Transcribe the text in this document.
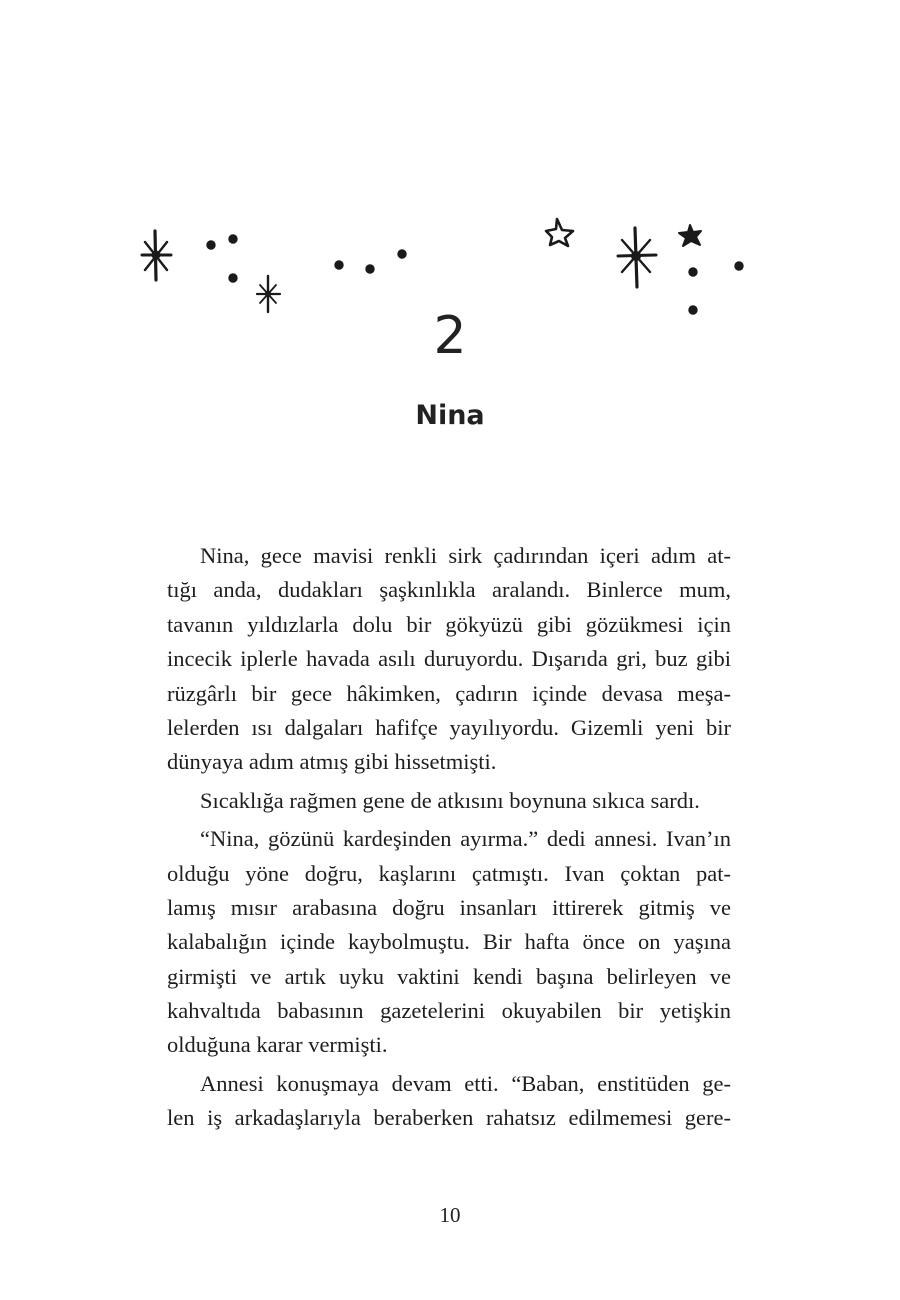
2
Nina
Nina, gece mavisi renkli sirk çadırından içeri adım at-
tığı anda, dudakları şaşkınlıkla aralandı. Binlerce mum,
tavanın yıldızlarla dolu bir gökyüzü gibi gözükmesi için
incecik iplerle havada asılı duruyordu. Dışarıda gri, buz gibi
rüzgârlı bir gece hâkimken, çadırın içinde devasa meşa-
lelerden ısı dalgaları hafifçe yayılıyordu. Gizemli yeni bir
dünyaya adım atmış gibi hissetmişti.
Sıcaklığa rağmen gene de atkısını boynuna sıkıca sardı.
“Nina, gözünü kardeşinden ayırma.” dedi annesi. Ivan’ın
olduğu yöne doğru, kaşlarını çatmıştı. Ivan çoktan pat-
lamış mısır arabasına doğru insanları ittirerek gitmiş ve
kalabalığın içinde kaybolmuştu. Bir hafta önce on yaşına
girmişti ve artık uyku vaktini kendi başına belirleyen ve
kahvaltıda babasının gazetelerini okuyabilen bir yetişkin
olduğuna karar vermişti.
Annesi konuşmaya devam etti. “Baban, enstitüden ge-
len iş arkadaşlarıyla beraberken rahatsız edilmemesi gere-
10
